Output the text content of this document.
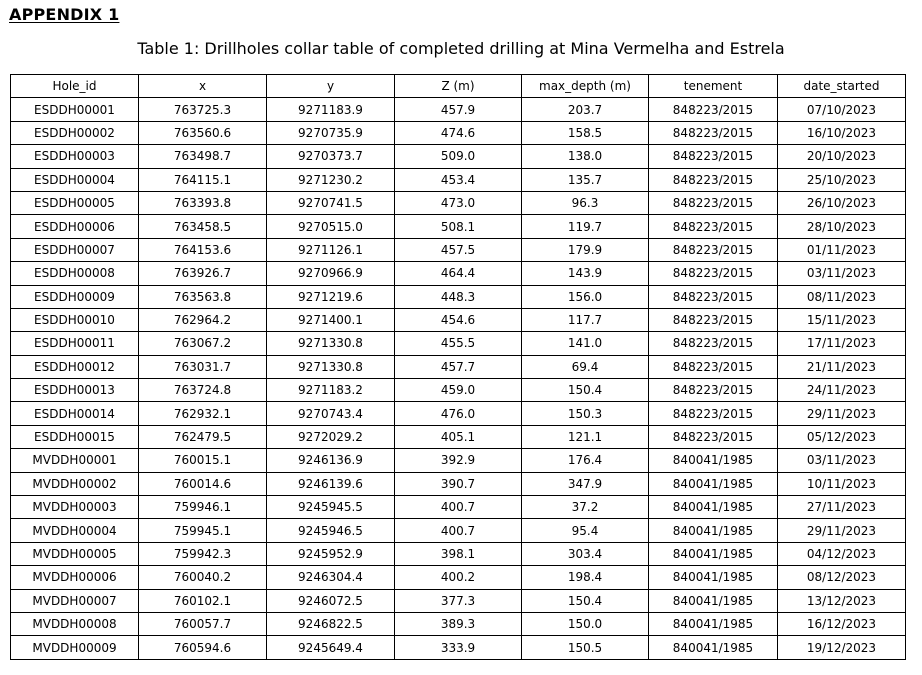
APPENDIX 1
Table 1: Drillholes collar table of completed drilling at Mina Vermelha and Estrela
Hole_id	x	y	Z (m)	max_depth (m)	tenement	date_started
ESDDH00001	763725.3	9271183.9	457.9	203.7	848223/2015	07/10/2023
ESDDH00002	763560.6	9270735.9	474.6	158.5	848223/2015	16/10/2023
ESDDH00003	763498.7	9270373.7	509.0	138.0	848223/2015	20/10/2023
ESDDH00004	764115.1	9271230.2	453.4	135.7	848223/2015	25/10/2023
ESDDH00005	763393.8	9270741.5	473.0	96.3	848223/2015	26/10/2023
ESDDH00006	763458.5	9270515.0	508.1	119.7	848223/2015	28/10/2023
ESDDH00007	764153.6	9271126.1	457.5	179.9	848223/2015	01/11/2023
ESDDH00008	763926.7	9270966.9	464.4	143.9	848223/2015	03/11/2023
ESDDH00009	763563.8	9271219.6	448.3	156.0	848223/2015	08/11/2023
ESDDH00010	762964.2	9271400.1	454.6	117.7	848223/2015	15/11/2023
ESDDH00011	763067.2	9271330.8	455.5	141.0	848223/2015	17/11/2023
ESDDH00012	763031.7	9271330.8	457.7	69.4	848223/2015	21/11/2023
ESDDH00013	763724.8	9271183.2	459.0	150.4	848223/2015	24/11/2023
ESDDH00014	762932.1	9270743.4	476.0	150.3	848223/2015	29/11/2023
ESDDH00015	762479.5	9272029.2	405.1	121.1	848223/2015	05/12/2023
MVDDH00001	760015.1	9246136.9	392.9	176.4	840041/1985	03/11/2023
MVDDH00002	760014.6	9246139.6	390.7	347.9	840041/1985	10/11/2023
MVDDH00003	759946.1	9245945.5	400.7	37.2	840041/1985	27/11/2023
MVDDH00004	759945.1	9245946.5	400.7	95.4	840041/1985	29/11/2023
MVDDH00005	759942.3	9245952.9	398.1	303.4	840041/1985	04/12/2023
MVDDH00006	760040.2	9246304.4	400.2	198.4	840041/1985	08/12/2023
MVDDH00007	760102.1	9246072.5	377.3	150.4	840041/1985	13/12/2023
MVDDH00008	760057.7	9246822.5	389.3	150.0	840041/1985	16/12/2023
MVDDH00009	760594.6	9245649.4	333.9	150.5	840041/1985	19/12/2023
